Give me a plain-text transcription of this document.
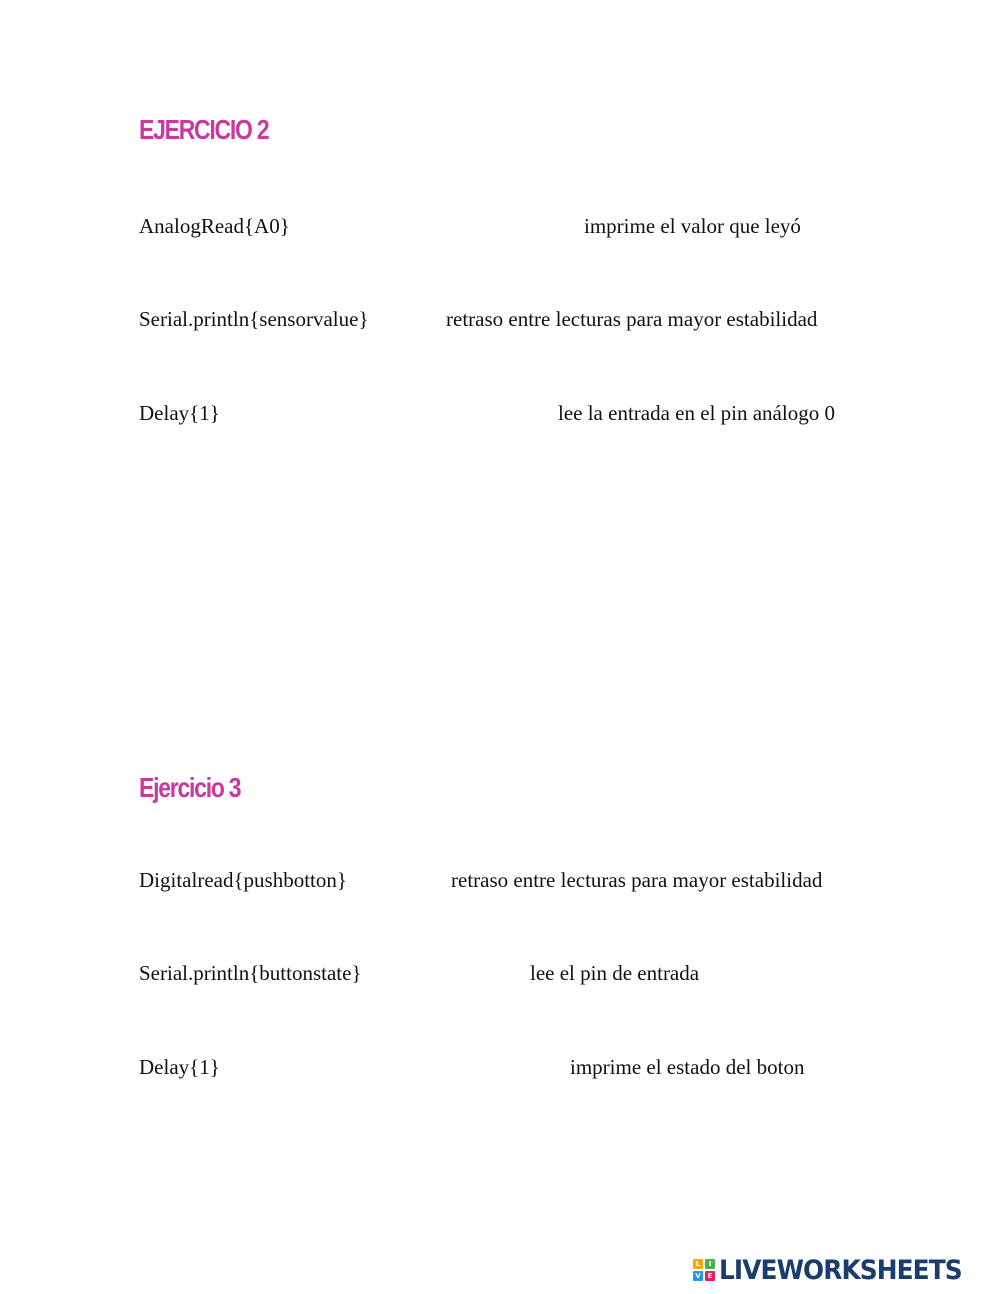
EJERCICIO 2
AnalogRead{A0}	imprime el valor que leyó
Serial.println{sensorvalue}	retraso entre lecturas para mayor estabilidad
Delay{1}	lee la entrada en el pin análogo 0
Ejercicio 3
Digitalread{pushbotton}	retraso entre lecturas para mayor estabilidad
Serial.println{buttonstate}	lee el pin de entrada
Delay{1}	imprime el estado del boton
L	I
V E LIVEWORKSHEETS
